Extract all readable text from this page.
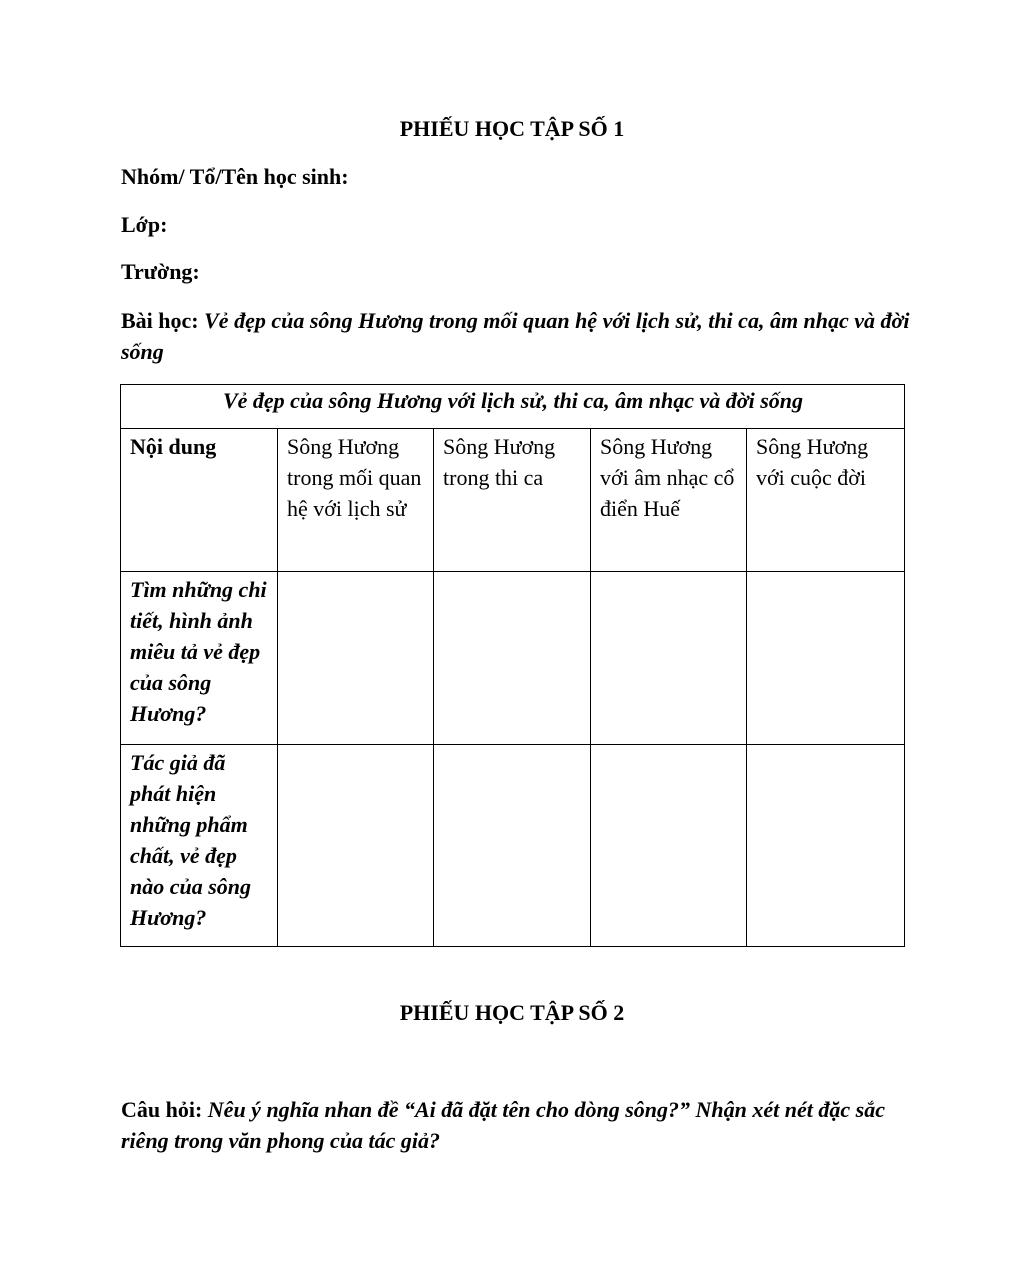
PHIẾU HỌC TẬP SỐ 1
Nhóm/ Tổ/Tên học sinh:
Lớp:
Trường:
Bài học: Vẻ đẹp của sông Hương trong mối quan hệ với lịch sử, thi ca, âm nhạc và đời sống
Vẻ đẹp của sông Hương với lịch sử, thi ca, âm nhạc và đời sống				
Nội dung	Sông Hương trong mối quan hệ với lịch sử	Sông Hương trong thi ca	Sông Hương với âm nhạc cổ điển Huế	Sông Hương với cuộc đời
Tìm những chi tiết, hình ảnh miêu tả vẻ đẹp của sông Hương?				
Tác giả đã phát hiện những phẩm chất, vẻ đẹp nào của sông Hương?				
PHIẾU HỌC TẬP SỐ 2
Câu hỏi: Nêu ý nghĩa nhan đề “Ai đã đặt tên cho dòng sông?” Nhận xét nét đặc sắc riêng trong văn phong của tác giả?
